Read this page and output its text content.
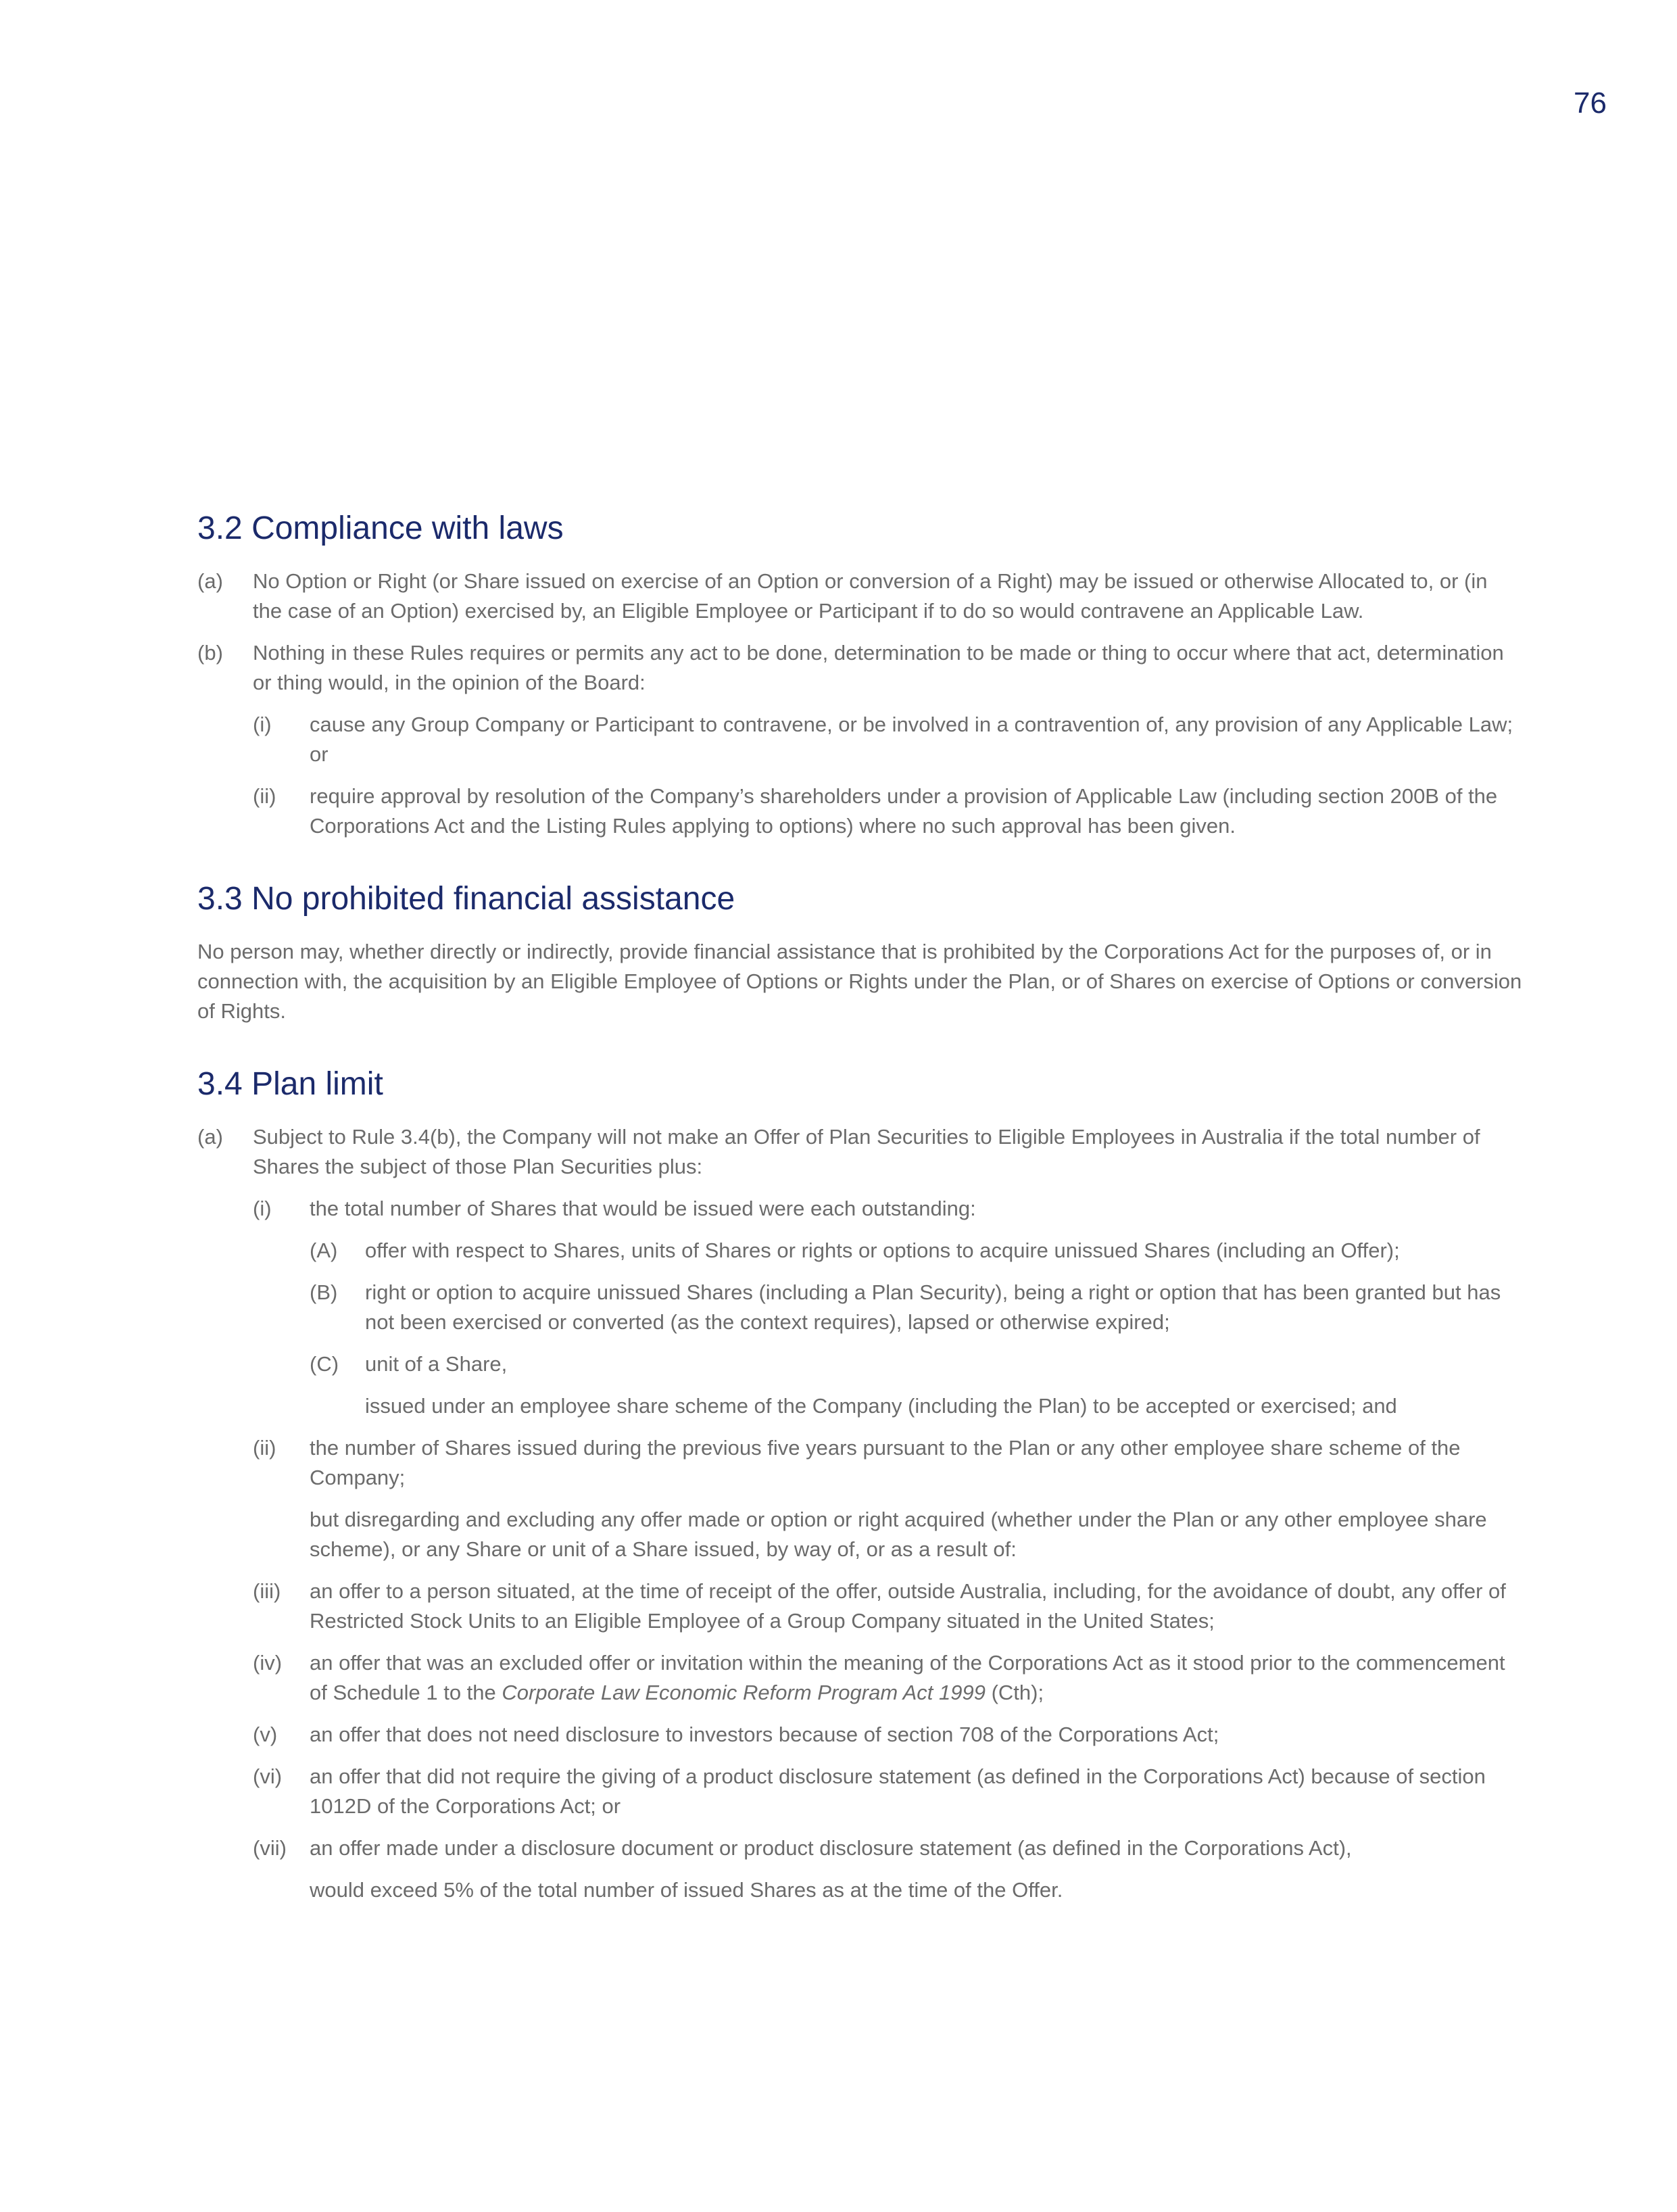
76
3.2 Compliance with laws
(a) No Option or Right (or Share issued on exercise of an Option or conversion of a Right) may be issued or otherwise Allocated to, or (in the case of an Option) exercised by, an Eligible Employee or Participant if to do so would contravene an Applicable Law.
(b) Nothing in these Rules requires or permits any act to be done, determination to be made or thing to occur where that act, determination or thing would, in the opinion of the Board:
(i) cause any Group Company or Participant to contravene, or be involved in a contravention of, any provision of any Applicable Law; or
(ii) require approval by resolution of the Company’s shareholders under a provision of Applicable Law (including section 200B of the Corporations Act and the Listing Rules applying to options) where no such approval has been given.
3.3 No prohibited financial assistance

No person may, whether directly or indirectly, provide financial assistance that is prohibited by the Corporations Act for the purposes of, or in connection with, the acquisition by an Eligible Employee of Options or Rights under the Plan, or of Shares on exercise of Options or conversion of Rights.

3.4 Plan limit
(a) Subject to Rule 3.4(b), the Company will not make an Offer of Plan Securities to Eligible Employees in Australia if the total number of Shares the subject of those Plan Securities plus:
(i) the total number of Shares that would be issued were each outstanding:
(A) offer with respect to Shares, units of Shares or rights or options to acquire unissued Shares (including an Offer);
(B) right or option to acquire unissued Shares (including a Plan Security), being a right or option that has been granted but has not been exercised or converted (as the context requires), lapsed or otherwise expired;
(C) unit of a Share,
issued under an employee share scheme of the Company (including the Plan) to be accepted or exercised; and
(ii) the number of Shares issued during the previous five years pursuant to the Plan or any other employee share scheme of the Company;
but disregarding and excluding any offer made or option or right acquired (whether under the Plan or any other employee share scheme), or any Share or unit of a Share issued, by way of, or as a result of:
(iii) an offer to a person situated, at the time of receipt of the offer, outside Australia, including, for the avoidance of doubt, any offer of Restricted Stock Units to an Eligible Employee of a Group Company situated in the United States;
(iv) an offer that was an excluded offer or invitation within the meaning of the Corporations Act as it stood prior to the commencement of Schedule 1 to the Corporate Law Economic Reform Program Act 1999 (Cth);
(v) an offer that does not need disclosure to investors because of section 708 of the Corporations Act;
(vi) an offer that did not require the giving of a product disclosure statement (as defined in the Corporations Act) because of section 1012D of the Corporations Act; or
(vii) an offer made under a disclosure document or product disclosure statement (as defined in the Corporations Act),
would exceed 5% of the total number of issued Shares as at the time of the Offer.
